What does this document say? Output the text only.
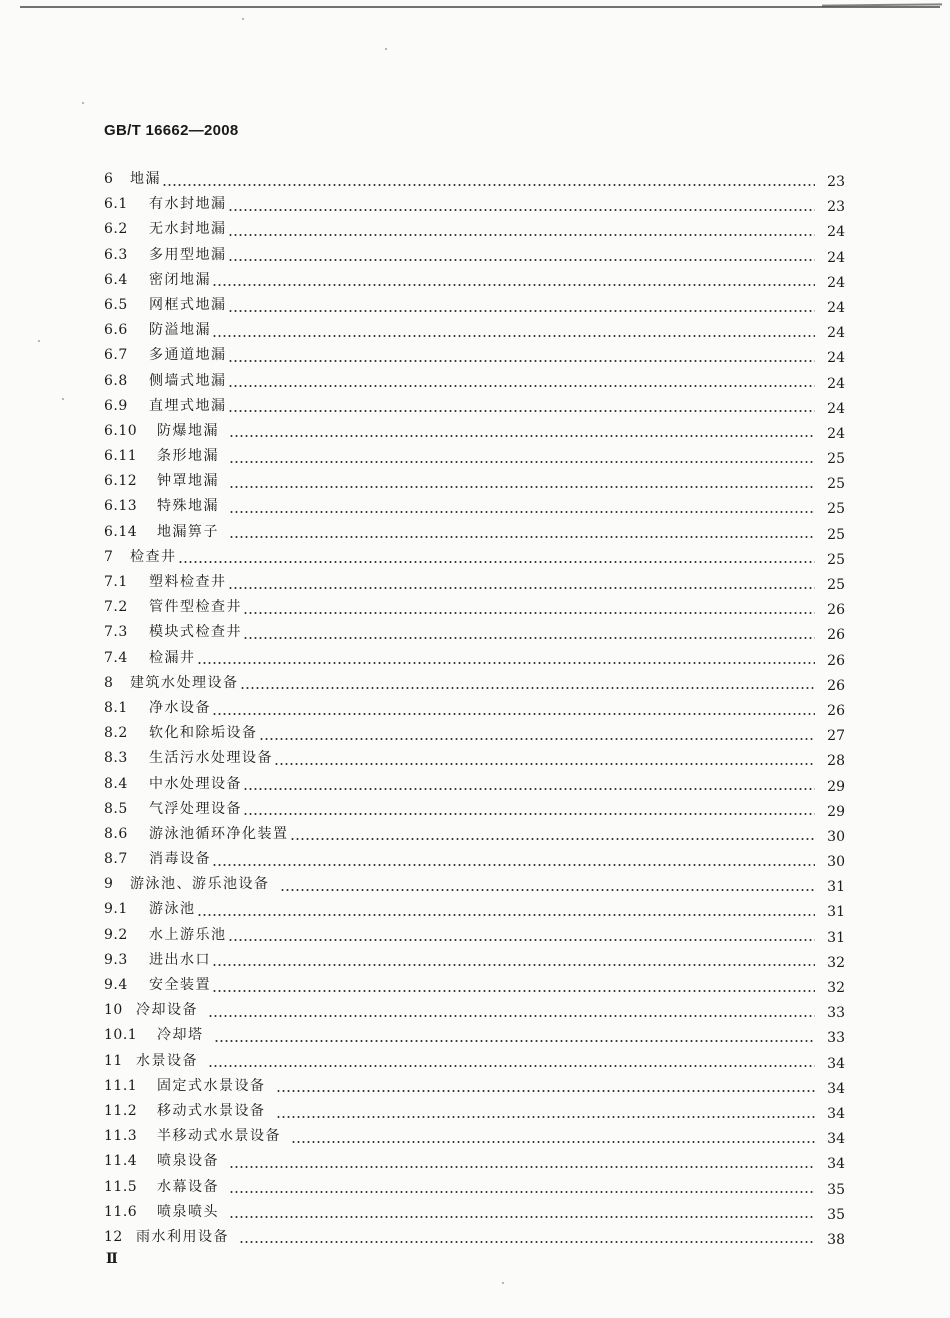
GB/T 16662—2008
6	地漏	23
6.1	有水封地漏	23
6.2	无水封地漏	24
6.3	多用型地漏	24
6.4	密闭地漏	24
6.5	网框式地漏	24
6.6	防溢地漏	24
6.7	多通道地漏	24
6.8	侧墙式地漏	24
6.9	直埋式地漏	24
6.10	防爆地漏	24
6.11	条形地漏	25
6.12	钟罩地漏	25
6.13	特殊地漏	25
6.14	地漏箅子	25
7	检查井	25
7.1	塑料检查井	25
7.2	管件型检查井	26
7.3	模块式检查井	26
7.4	检漏井	26
8	建筑水处理设备	26
8.1	净水设备	26
8.2	软化和除垢设备	27
8.3	生活污水处理设备	28
8.4	中水处理设备	29
8.5	气浮处理设备	29
8.6	游泳池循环净化装置	30
8.7	消毒设备	30
9	游泳池、游乐池设备	31
9.1	游泳池	31
9.2	水上游乐池	31
9.3	进出水口	32
9.4	安全装置	32
10 冷却设备	33
10.1	冷却塔	33
11 水景设备	34
11.1	固定式水景设备	34
11.2	移动式水景设备	34
11.3	半移动式水景设备	34
11.4	喷泉设备	34
11.5	水幕设备	35
11.6	喷泉喷头	35
12 雨水利用设备	38
Ⅱ
